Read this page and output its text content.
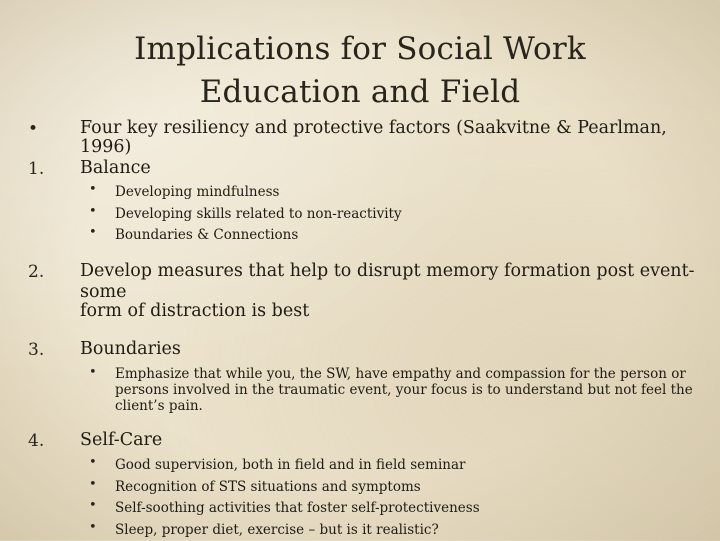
Implications for Social Work
Education and Field
•	Four key resiliency and protective factors (Saakvitne & Pearlman, 1996)
1.	Balance
• Developing mindfulness
• Developing skills related to non-reactivity
• Boundaries & Connections
2.	Develop measures that help to disrupt memory formation post event-
some
form of distraction is best
3.	Boundaries
• Emphasize that while you, the SW, have empathy and compassion for the person or
persons involved in the traumatic event, your focus is to understand but not feel the
client’s pain.
4.	Self-Care
• Good supervision, both in field and in field seminar
• Recognition of STS situations and symptoms
• Self-soothing activities that foster self-protectiveness
• Sleep, proper diet, exercise – but is it realistic?
